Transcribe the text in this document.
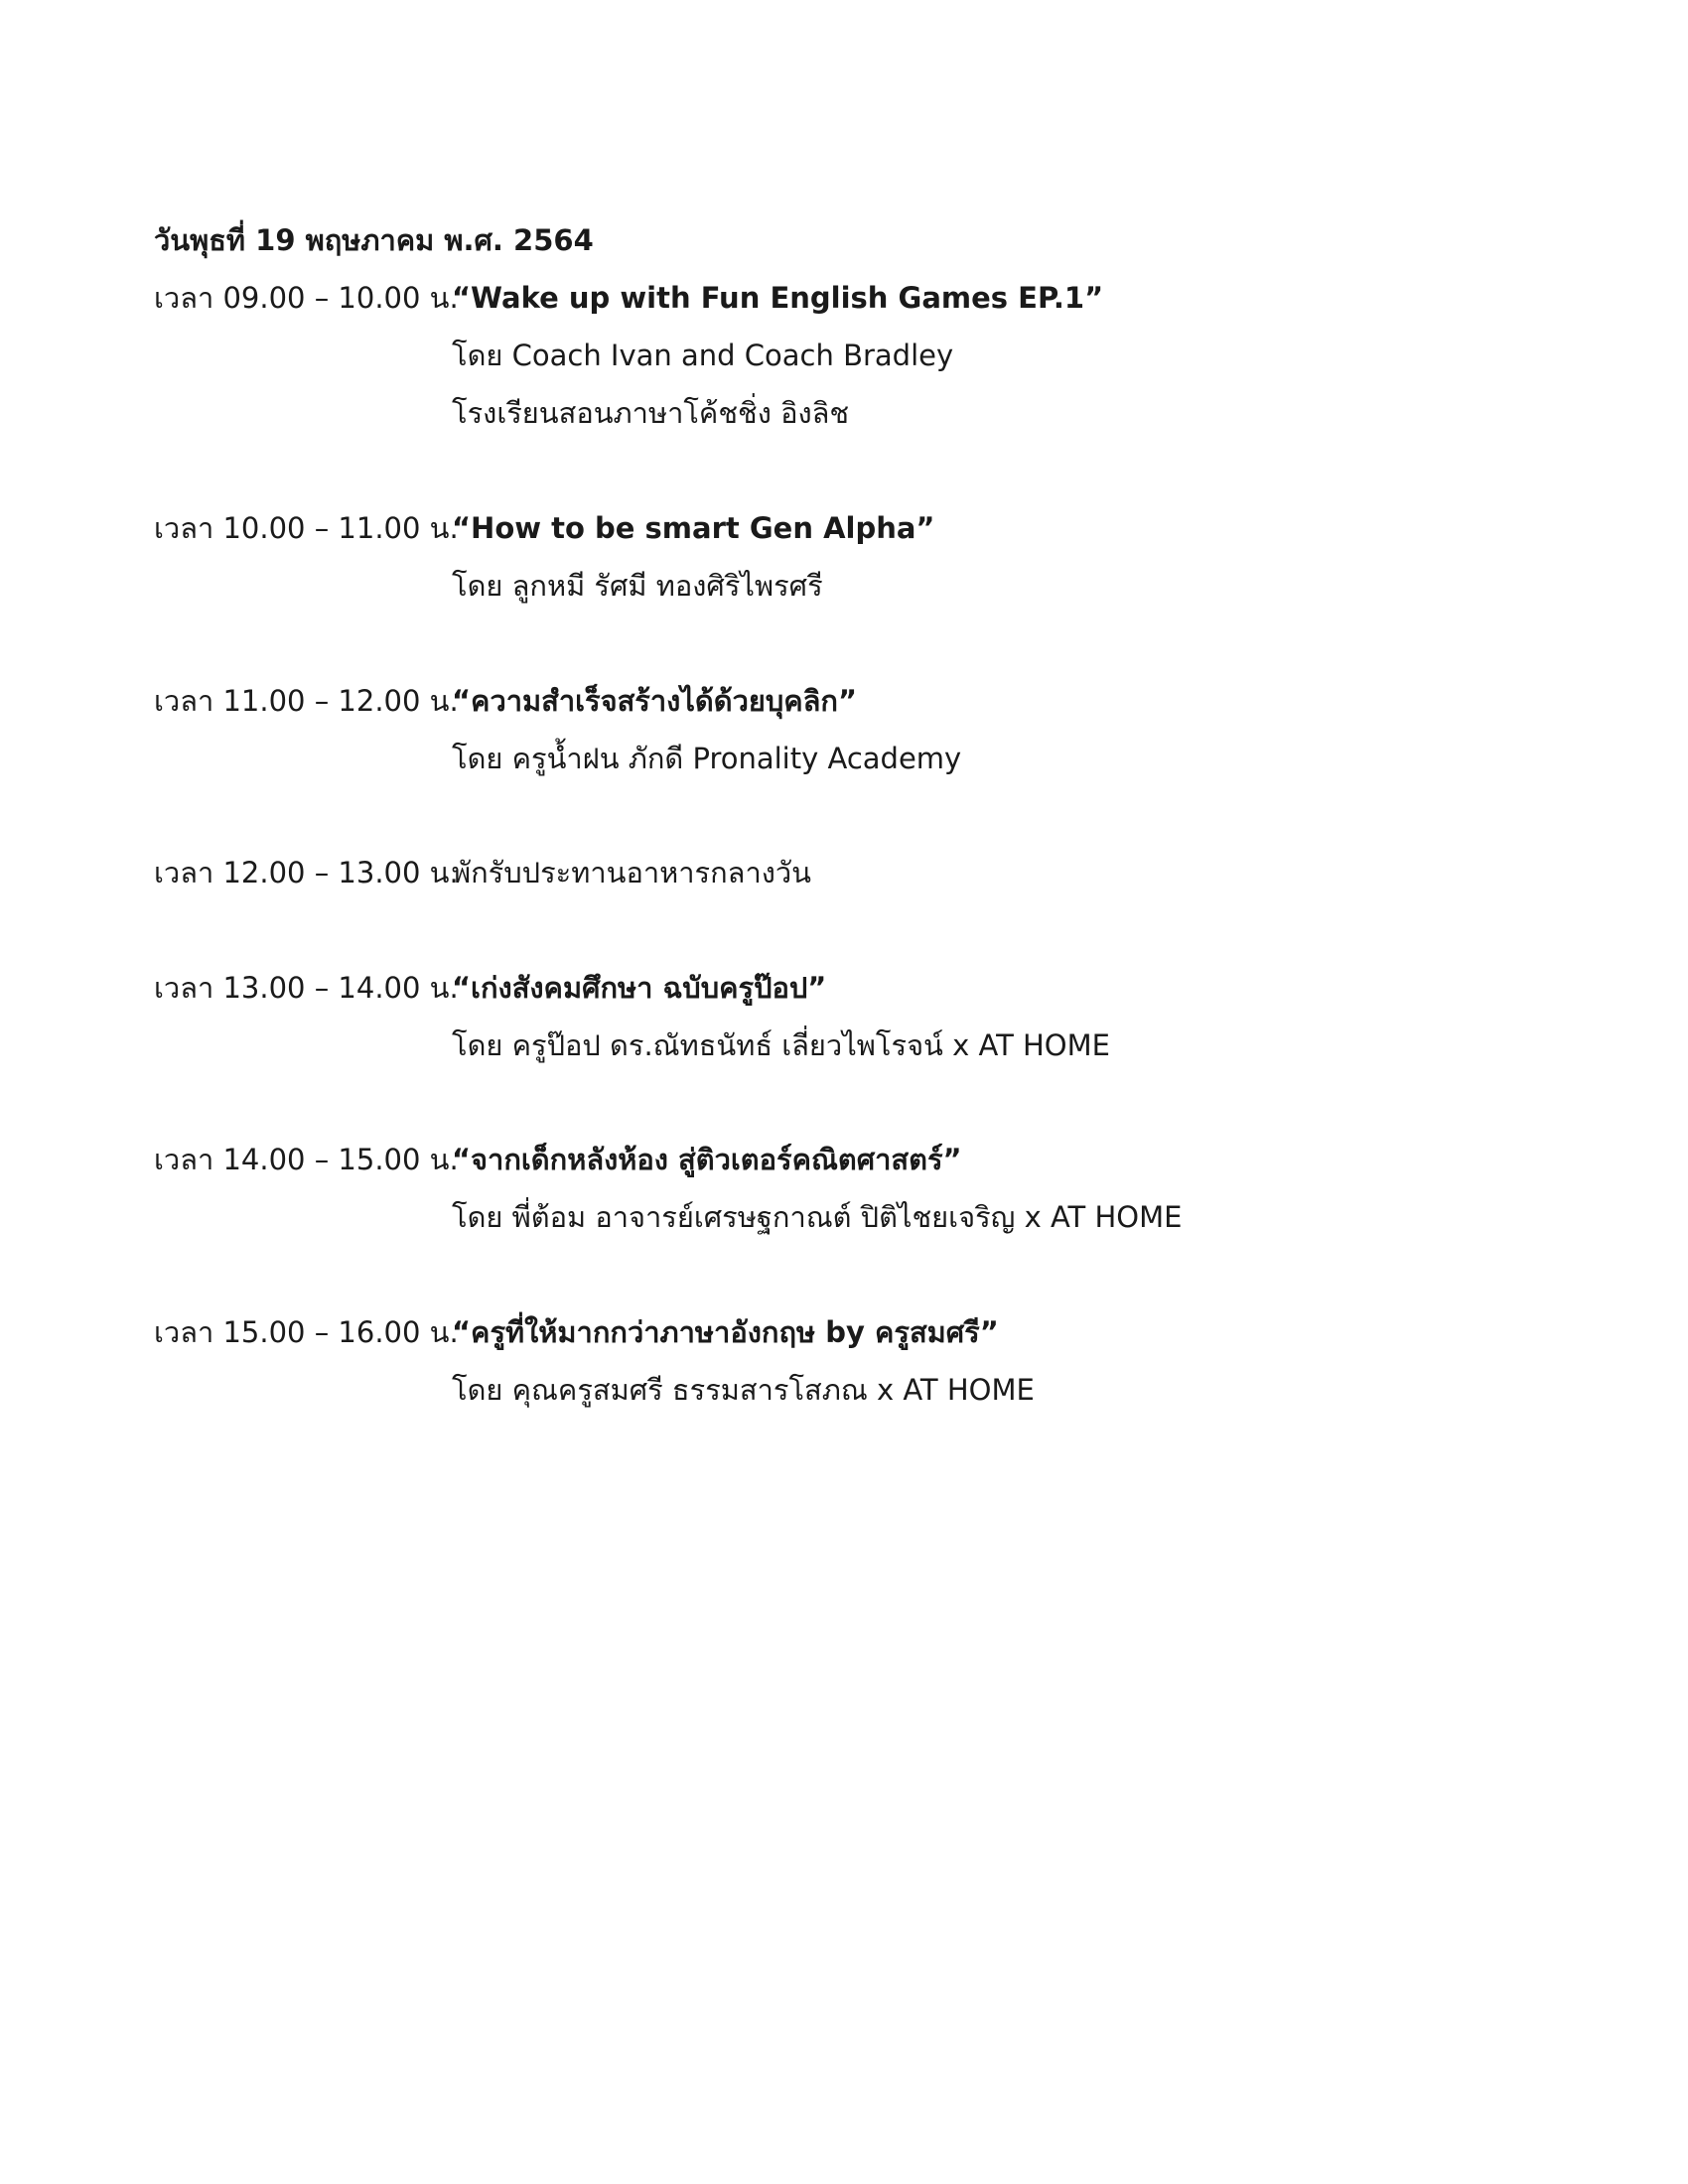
วันพุธที่ 19 พฤษภาคม พ.ศ. 2564
เวลา 09.00 – 10.00 น.
“Wake up with Fun English Games EP.1”
โดย Coach Ivan and Coach Bradley
โรงเรียนสอนภาษาโค้ชชิ่ง อิงลิช
เวลา 10.00 – 11.00 น.
“How to be smart Gen Alpha”
โดย ลูกหมี รัศมี ทองศิริไพรศรี
เวลา 11.00 – 12.00 น.
“ความสำเร็จสร้างได้ด้วยบุคลิก”
โดย ครูน้ำฝน ภักดี Pronality Academy
เวลา 12.00 – 13.00 น.
พักรับประทานอาหารกลางวัน
เวลา 13.00 – 14.00 น.
“เก่งสังคมศึกษา ฉบับครูป๊อป”
โดย ครูป๊อป ดร.ณัทธนัทธ์ เลี่ยวไพโรจน์ x AT HOME
เวลา 14.00 – 15.00 น.
“จากเด็กหลังห้อง สู่ติวเตอร์คณิตศาสตร์”
โดย พี่ต้อม อาจารย์เศรษฐกาณต์ ปิติไชยเจริญ x AT HOME
เวลา 15.00 – 16.00 น.
“ครูที่ให้มากกว่าภาษาอังกฤษ by ครูสมศรี”
โดย คุณครูสมศรี ธรรมสารโสภณ x AT HOME
